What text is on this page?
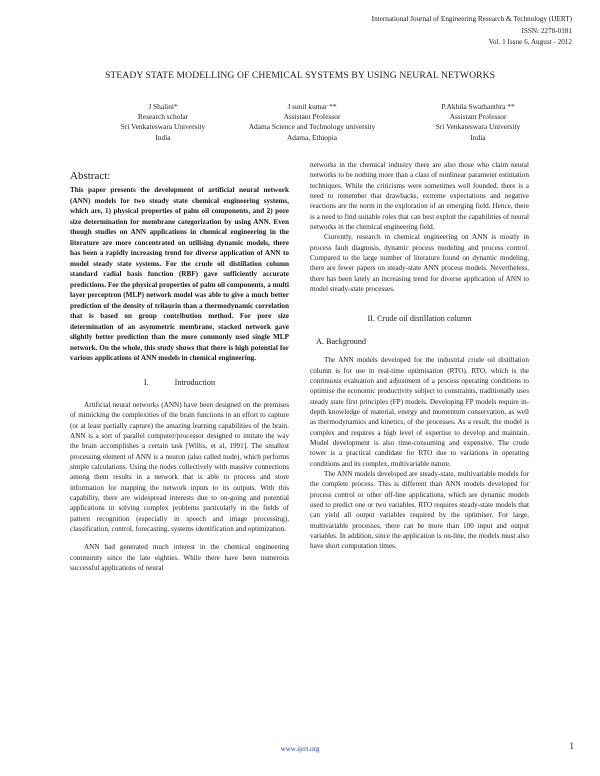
International Journal of Engineering Research & Technology (IJERT)
ISSN: 2278-0181
Vol. 1 Issue 6, August - 2012
STEADY STATE MODELLING OF CHEMICAL SYSTEMS BY USING NEURAL NETWORKS
J Shalini*
Research scholar
Sri Venkateswara University
India
J sunil kumar **
Assistant Professor
Adama Science and Technology university
Adama, Ethiopia
P.Akhila Swathanthra **
Assistant Professor
Sri Venkateswara University
India
Abstract:

This paper presents the development of artificial neural network (ANN) models for two steady state chemical engineering systems, which are, 1) physical properties of palm oil components, and 2) pore size determination for membrane categorization by using ANN. Even though studies on ANN applications in chemical engineering in the literature are more concentrated on utilising dynamic models, there has been a rapidly increasing trend for diverse application of ANN to model steady state systems. For the crude oil distillation column standard radial basis function (RBF) gave sufficiently accurate predictions. For the physical properties of palm oil components, a multi layer perceptron (MLP) network model was able to give a much better prediction of the density of trilaurin than a thermodynamic correlation that is based on group contribution method. For pore size determination of an asymmetric membrane, stacked network gave slightly better prediction than the more commonly used single MLP network. On the whole, this study shows that there is high potential for various applications of ANN models in chemical engineering.

I.	Introduction

Artificial neural networks (ANN) have been designed on the premises of mimicking the complexities of the brain functions in an effort to capture (or at least partially capture) the amazing learning capabilities of the brain. ANN is a sort of parallel computer/processor designed to imitate the way the brain accomplishes a certain task [Willis, et al, 1991]. The smallest processing element of ANN is a neuron (also called node), which performs simple calculations. Using the nodes collectively with massive connections among them results in a network that is able to process and store information for mapping the network inputs to its outputs. With this capability, there are widespread interests due to on-going and potential applications in solving complex problems particularly in the fields of pattern recognition (especially in speech and image processing), classification, control, forecasting, systems identification and optimization.

ANN had generated much interest in the chemical engineering community since the late eighties. While there have been numerous successful applications of neural

networks in the chemical industry there are also those who claim neural networks to be nothing more than a class of nonlinear parameter estimation techniques. While the criticisms were sometimes well founded, there is a need to remember that drawbacks, extreme expectations and negative reactions are the norm in the exploration of an emerging field. Hence, there is a need to find suitable roles that can best exploit the capabilities of neural networks in the chemical engineering field.

Currently, research in chemical engineering on ANN is mostly in process fault diagnosis, dynamic process modeling and process control. Compared to the large number of literature found on dynamic modeling, there are fewer papers on steady-state ANN process models. Nevertheless, there has been lately an increasing trend for diverse application of ANN to model steady-state processes.

II. Crude oil distillation column
A. Background

The ANN models developed for the industrial crude oil distillation column is for use in real-time optimisation (RTO). RTO, which is the continuous evaluation and adjustment of a process operating conditions to optimise the economic productivity subject to constraints, traditionally uses steady state first principles (FP) models. Developing FP models require in-depth knowledge of material, energy and momentum conservation, as well as thermodynamics and kinetics, of the processes. As a result, the model is complex and requires a high level of expertise to develop and maintain. Model development is also time-consuming and expensive. The crude tower is a practical candidate for RTO due to variations in operating conditions and its complex, multivariable nature.

The ANN models developed are steady-state, multivariable models for the complete process. This is different than ANN models developed for process control or other off-line applications, which are dynamic models used to predict one or two variables. RTO requires steady-state models that can yield all output variables required by the optimiser. For large, multivariable processes, there can be more than 100 input and output variables. In addition, since the application is on-line, the models must also have short computation times.

www.ijert.org	1
